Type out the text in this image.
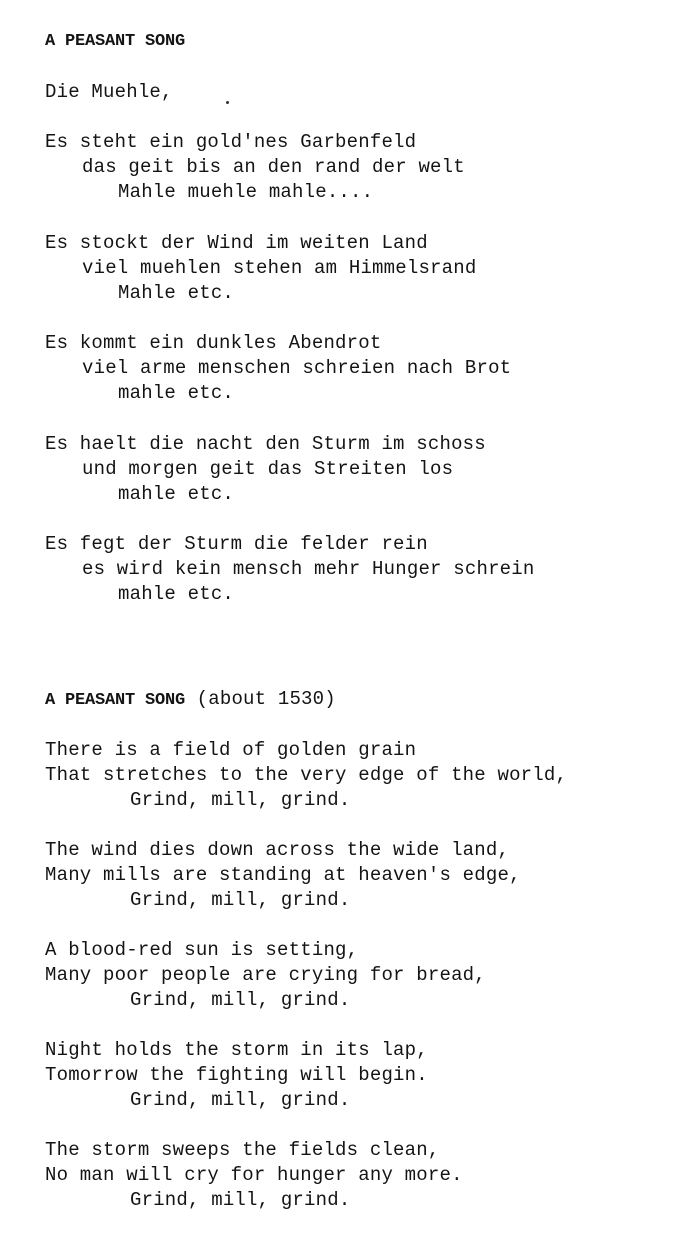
A PEASANT SONG
Die Muehle,
Es steht ein gold'nes Garbenfeld
das geit bis an den rand der welt
Mahle muehle mahle....
Es stockt der Wind im weiten Land
viel muehlen stehen am Himmelsrand
Mahle etc.
Es kommt ein dunkles Abendrot
viel arme menschen schreien nach Brot
mahle etc.
Es haelt die nacht den Sturm im schoss
und morgen geit das Streiten los
mahle etc.
Es fegt der Sturm die felder rein
es wird kein mensch mehr Hunger schrein
mahle etc.
A PEASANT SONG (about 1530)
There is a field of golden grain
That stretches to the very edge of the world,
Grind, mill, grind.
The wind dies down across the wide land,
Many mills are standing at heaven's edge,
Grind, mill, grind.
A blood-red sun is setting,
Many poor people are crying for bread,
Grind, mill, grind.
Night holds the storm in its lap,
Tomorrow the fighting will begin.
Grind, mill, grind.
The storm sweeps the fields clean,
No man will cry for hunger any more.
Grind, mill, grind.
